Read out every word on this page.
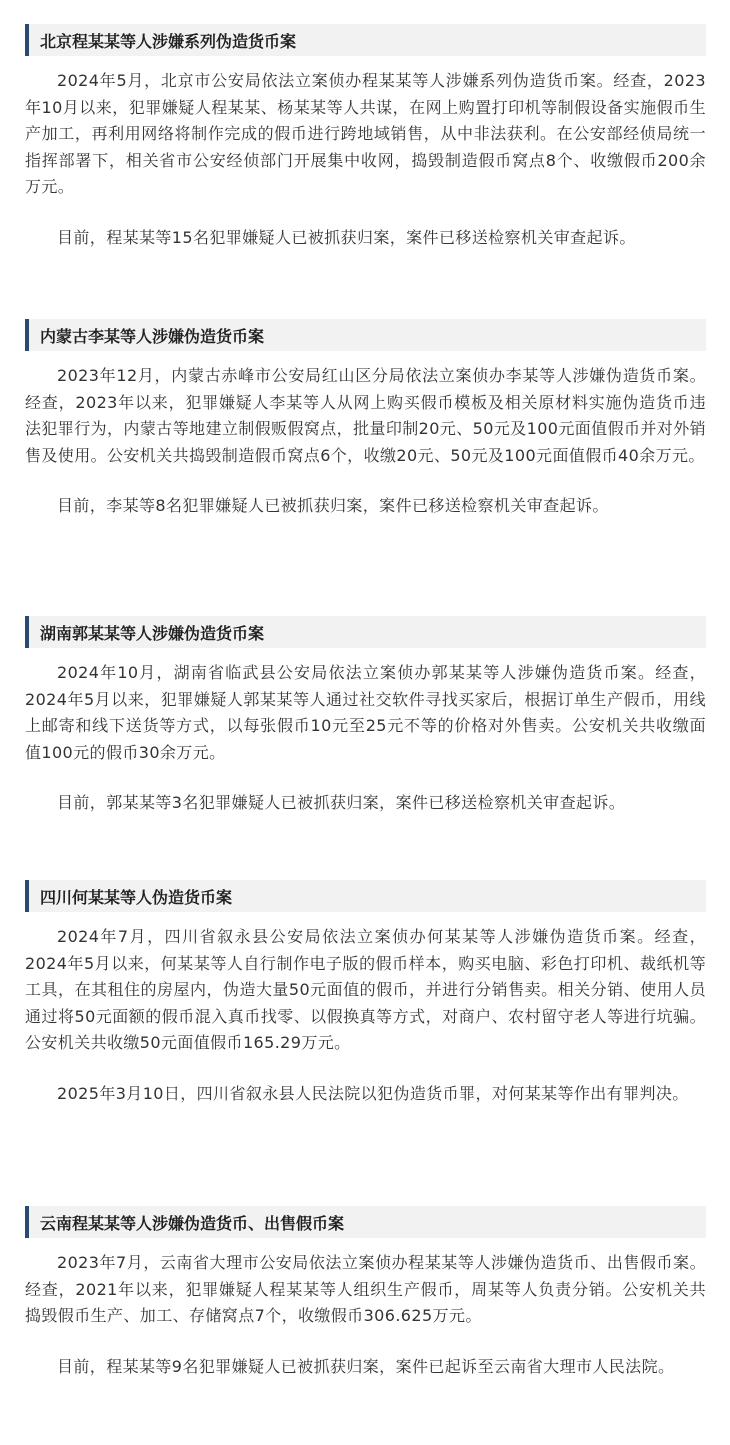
北京程某某等人涉嫌系列伪造货币案

2024年5月，北京市公安局依法立案侦办程某某等人涉嫌系列伪造货币案。经查，2023年10月以来，犯罪嫌疑人程某某、杨某某等人共谋，在网上购置打印机等制假设备实施假币生产加工，再利用网络将制作完成的假币进行跨地域销售，从中非法获利。在公安部经侦局统一指挥部署下，相关省市公安经侦部门开展集中收网，捣毁制造假币窝点8个、收缴假币200余万元。

目前，程某某等15名犯罪嫌疑人已被抓获归案，案件已移送检察机关审查起诉。

内蒙古李某等人涉嫌伪造货币案

2023年12月，内蒙古赤峰市公安局红山区分局依法立案侦办李某等人涉嫌伪造货币案。经查，2023年以来，犯罪嫌疑人李某等人从网上购买假币模板及相关原材料实施伪造货币违法犯罪行为，内蒙古等地建立制假贩假窝点，批量印制20元、50元及100元面值假币并对外销售及使用。公安机关共捣毁制造假币窝点6个，收缴20元、50元及100元面值假币40余万元。

目前，李某等8名犯罪嫌疑人已被抓获归案，案件已移送检察机关审查起诉。

湖南郭某某等人涉嫌伪造货币案

2024年10月，湖南省临武县公安局依法立案侦办郭某某等人涉嫌伪造货币案。经查， 2024年5月以来，犯罪嫌疑人郭某某等人通过社交软件寻找买家后，根据订单生产假币，用线上邮寄和线下送货等方式，以每张假币10元至25元不等的价格对外售卖。公安机关共收缴面值100元的假币30余万元。

目前，郭某某等3名犯罪嫌疑人已被抓获归案，案件已移送检察机关审查起诉。

四川何某某等人伪造货币案

2024年7月，四川省叙永县公安局依法立案侦办何某某等人涉嫌伪造货币案。经查，2024年5月以来，何某某等人自行制作电子版的假币样本，购买电脑、彩色打印机、裁纸机等工具，在其租住的房屋内，伪造大量50元面值的假币，并进行分销售卖。相关分销、使用人员通过将50元面额的假币混入真币找零、以假换真等方式，对商户、农村留守老人等进行坑骗。公安机关共收缴50元面值假币165.29万元。

2025年3月10日，四川省叙永县人民法院以犯伪造货币罪，对何某某等作出有罪判决。

云南程某某等人涉嫌伪造货币、出售假币案

2023年7月，云南省大理市公安局依法立案侦办程某某等人涉嫌伪造货币、出售假币案。经查，2021年以来，犯罪嫌疑人程某某等人组织生产假币，周某等人负责分销。公安机关共捣毁假币生产、加工、存储窝点7个，收缴假币306.625万元。

目前，程某某等9名犯罪嫌疑人已被抓获归案，案件已起诉至云南省大理市人民法院。
